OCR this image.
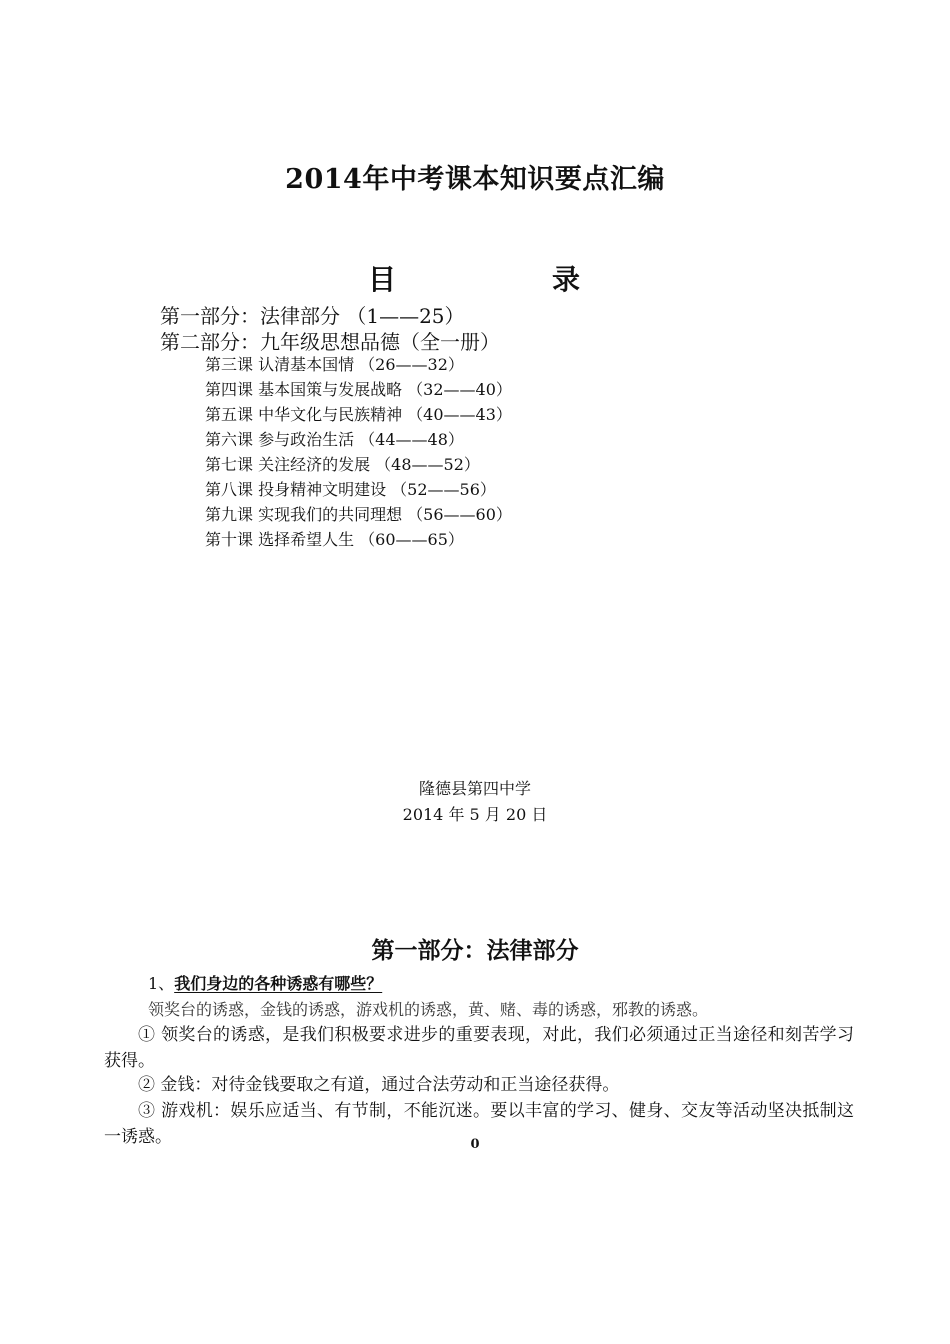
2014年中考课本知识要点汇编
目	录
第一部分：法律部分 （1——25）
第二部分：九年级思想品德（全一册）
第三课 认清基本国情 （26——32）
第四课 基本国策与发展战略 （32——40）
第五课 中华文化与民族精神 （40——43）
第六课 参与政治生活 （44——48）
第七课 关注经济的发展 （48——52）
第八课 投身精神文明建设 （52——56）
第九课 实现我们的共同理想 （56——60）
第十课 选择希望人生 （60——65）
隆德县第四中学
2014 年 5 月 20 日
第一部分：法律部分
1、我们身边的各种诱惑有哪些？
领奖台的诱惑，金钱的诱惑，游戏机的诱惑，黄、赌、毒的诱惑，邪教的诱惑。
① 领奖台的诱惑，是我们积极要求进步的重要表现，对此，我们必须通过正当途径和刻苦学习获得。
② 金钱：对待金钱要取之有道，通过合法劳动和正当途径获得。
③ 游戏机：娱乐应适当、有节制，不能沉迷。要以丰富的学习、健身、交友等活动坚决抵制这一诱惑。	0
